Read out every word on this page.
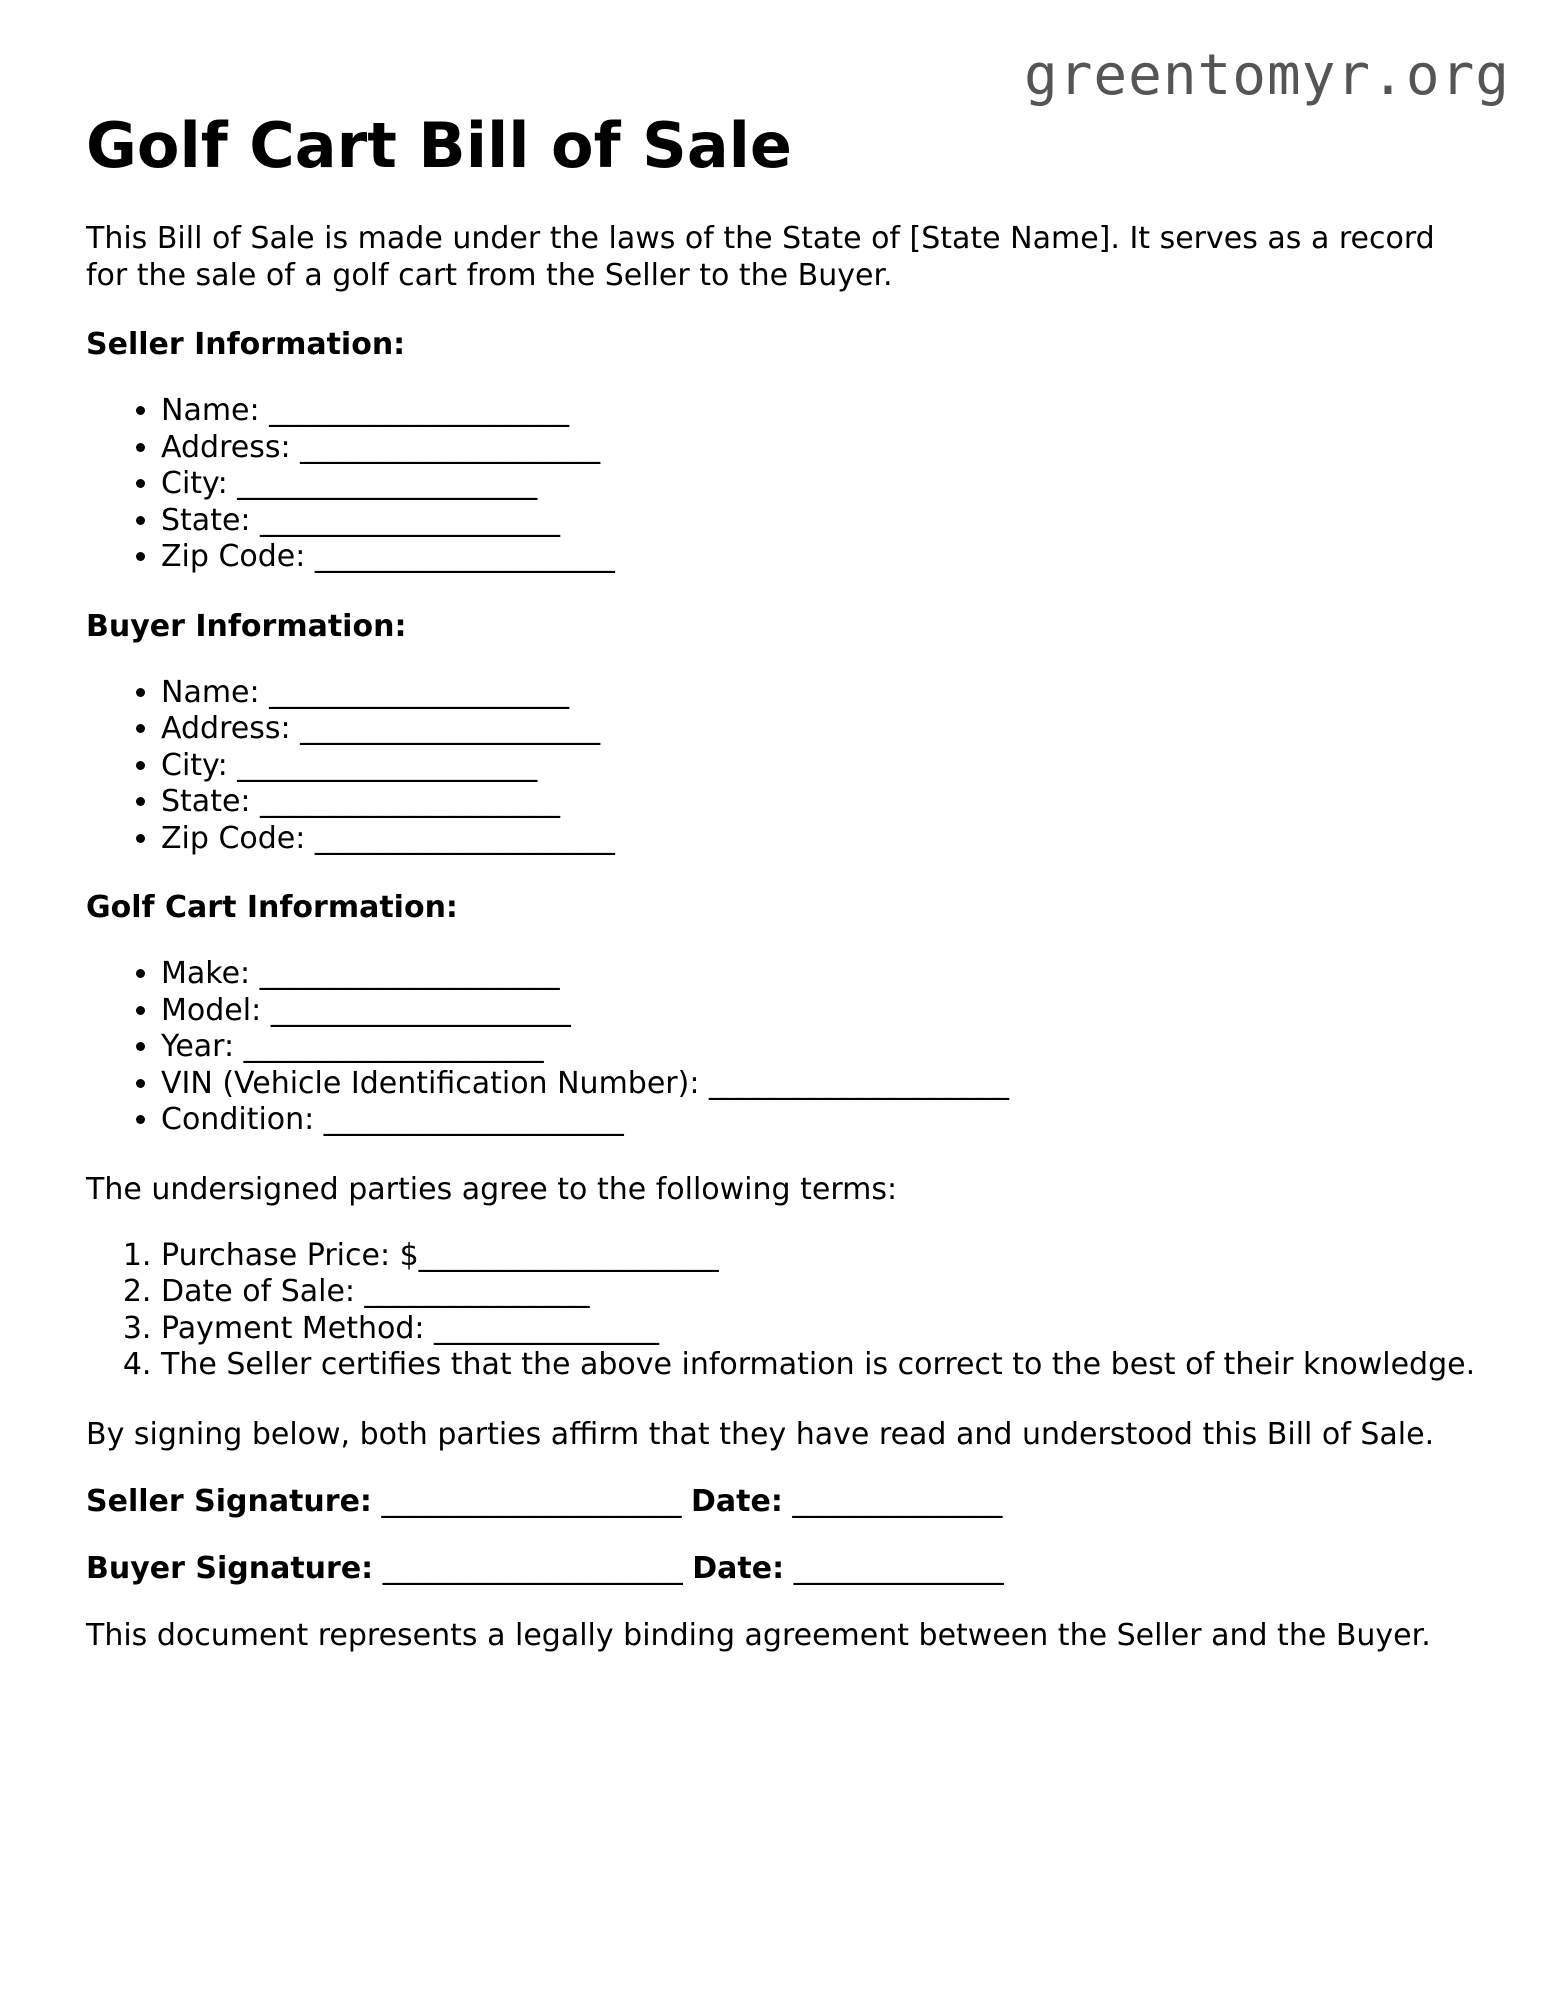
greentomyr.org
Golf Cart Bill of Sale

This Bill of Sale is made under the laws of the State of [State Name]. It serves as a record for the sale of a golf cart from the Seller to the Buyer.

Seller Information:

• Name: ____________________
• Address: ____________________
• City: ____________________
• State: ____________________
• Zip Code: ____________________

Buyer Information:

• Name: ____________________
• Address: ____________________
• City: ____________________
• State: ____________________
• Zip Code: ____________________

Golf Cart Information:

• Make: ____________________
• Model: ____________________
• Year: ____________________
• VIN (Vehicle Identification Number): ____________________
• Condition: ____________________

The undersigned parties agree to the following terms:

1. Purchase Price: $____________________
2. Date of Sale: _______________
3. Payment Method: _______________
4. The Seller certifies that the above information is correct to the best of their knowledge.

By signing below, both parties affirm that they have read and understood this Bill of Sale.

Seller Signature: ____________________ Date: ______________

Buyer Signature: ____________________ Date: ______________

This document represents a legally binding agreement between the Seller and the Buyer.
